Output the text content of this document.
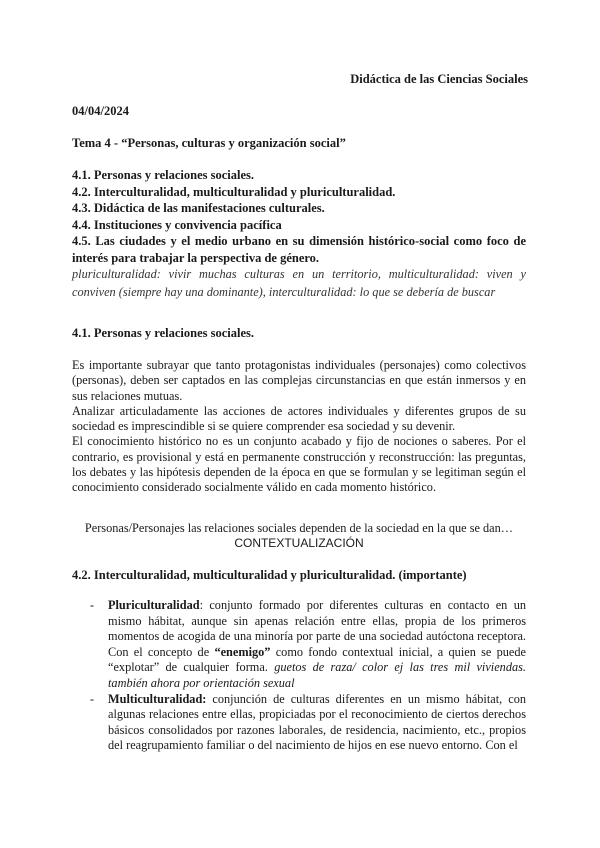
Didáctica de las Ciencias Sociales
04/04/2024
Tema 4 - “Personas, culturas y organización social”
4.1. Personas y relaciones sociales.
4.2. Interculturalidad, multiculturalidad y pluriculturalidad.
4.3. Didáctica de las manifestaciones culturales.
4.4. Instituciones y convivencia pacífica
4.5. Las ciudades y el medio urbano en su dimensión histórico-social como foco de interés para trabajar la perspectiva de género.
pluriculturalidad: vivir muchas culturas en un territorio, multiculturalidad: viven y conviven (siempre hay una dominante), interculturalidad: lo que se debería de buscar
4.1. Personas y relaciones sociales.

Es importante subrayar que tanto protagonistas individuales (personajes) como colectivos (personas), deben ser captados en las complejas circunstancias en que están inmersos y en sus relaciones mutuas.

Analizar articuladamente las acciones de actores individuales y diferentes grupos de su sociedad es imprescindible si se quiere comprender esa sociedad y su devenir.

El conocimiento histórico no es un conjunto acabado y fijo de nociones o saberes. Por el contrario, es provisional y está en permanente construcción y reconstrucción: las preguntas, los debates y las hipótesis dependen de la época en que se formulan y se legitiman según el conocimiento considerado socialmente válido en cada momento histórico.

Personas/Personajes las relaciones sociales dependen de la sociedad en la que se dan…
CONTEXTUALIZACIÓN
4.2. Interculturalidad, multiculturalidad y pluriculturalidad. (importante)
- Pluriculturalidad: conjunto formado por diferentes culturas en contacto en un mismo hábitat, aunque sin apenas relación entre ellas, propia de los primeros momentos de acogida de una minoría por parte de una sociedad autóctona receptora. Con el concepto de “enemigo” como fondo contextual inicial, a quien se puede “explotar” de cualquier forma. guetos de raza/ color ej las tres mil viviendas. también ahora por orientación sexual
- Multiculturalidad: conjunción de culturas diferentes en un mismo hábitat, con algunas relaciones entre ellas, propiciadas por el reconocimiento de ciertos derechos básicos consolidados por razones laborales, de residencia, nacimiento, etc., propios del reagrupamiento familiar o del nacimiento de hijos en ese nuevo entorno. Con el
